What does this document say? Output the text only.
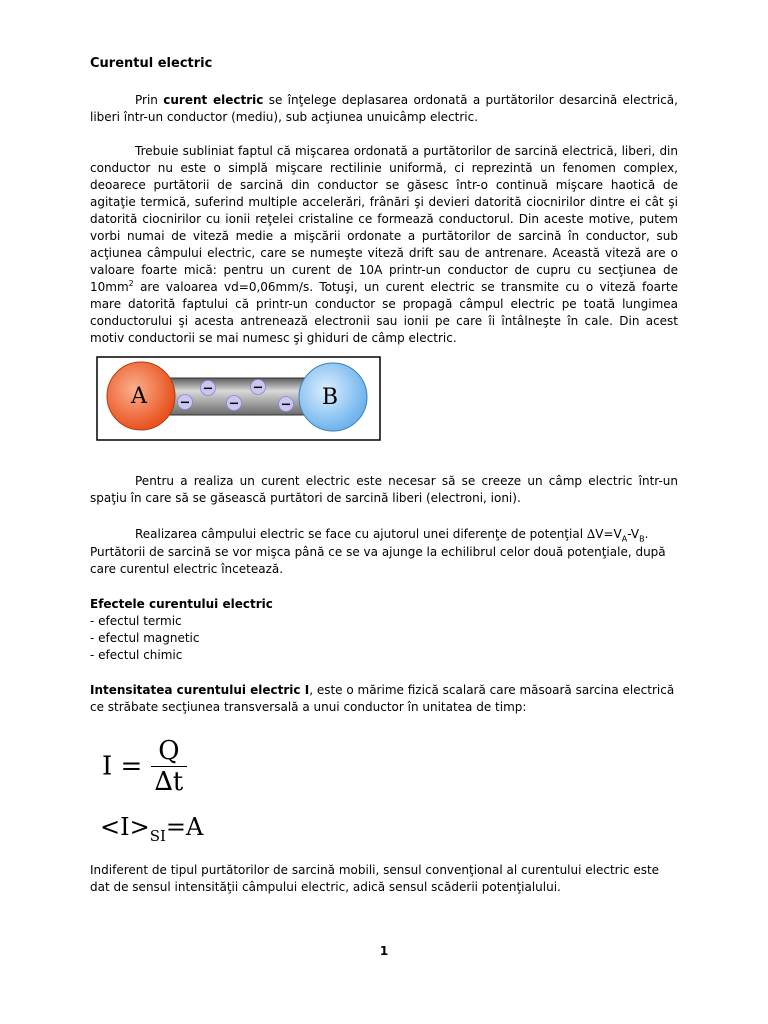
Curentul electric

Prin curent electric se înţelege deplasarea ordonată a purtătorilor desarcină electrică, liberi într-un conductor (mediu), sub acţiunea unuicâmp electric.

Trebuie subliniat faptul că mişcarea ordonată a purtătorilor de sarcină electrică, liberi, din conductor nu este o simplă mişcare rectilinie uniformă, ci reprezintă un fenomen complex, deoarece purtătorii de sarcină din conductor se găsesc într-o continuă mişcare haotică de agitaţie termică, suferind multiple accelerări, frânări şi devieri datorită ciocnirilor dintre ei cât şi datorită ciocnirilor cu ionii reţelei cristaline ce formează conductorul. Din aceste motive, putem vorbi numai de viteză medie a mişcării ordonate a purtătorilor de sarcină în conductor, sub acţiunea câmpului electric, care se numeşte viteză drift sau de antrenare. Această viteză are o valoare foarte mică: pentru un curent de 10A printr-un conductor de cupru cu secţiunea de $10mm^2$ are valoarea vd=0,06mm/s. Totuşi, un curent electric se transmite cu o viteză foarte mare datorită faptului că printr-un conductor se propagă câmpul electric pe toată lungimea conductorului şi acesta antrenează electronii sau ionii pe care îi întâlneşte în cale. Din acest motiv conductorii se mai numesc şi ghiduri de câmp electric.

A	B
−
−
−
−
−

Pentru a realiza un curent electric este necesar să se creeze un câmp electric într-un spaţiu în care să se găsească purtători de sarcină liberi (electroni, ioni).

Realizarea câmpului electric se face cu ajutorul unei diferenţe de potenţial $\Delta V=V_A-V_B$.

Purtătorii de sarcină se vor mişca până ce se va ajunge la echilibrul celor două potenţiale, după care curentul electric încetează.

Efectele curentului electric
- efectul termic
- efectul magnetic
- efectul chimic

Intensitatea curentului electric I, este o mărime fizică scalară care măsoară sarcina electrică ce străbate secţiunea transversală a unui conductor în unitatea de timp:

$I = \frac{Q}{\Delta t}$
$<I>_{SI}=A$

Indiferent de tipul purtătorilor de sarcină mobili, sensul convenţional al curentului electric este dat de sensul intensităţii câmpului electric, adică sensul scăderii potenţialului.

1
